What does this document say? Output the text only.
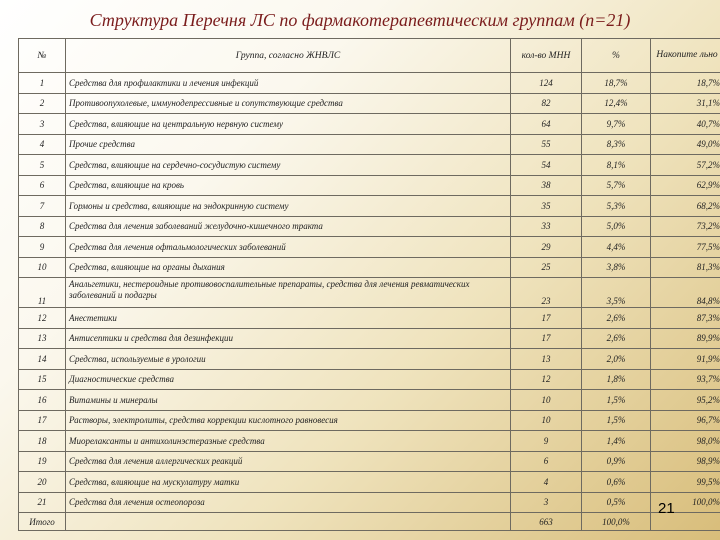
Структура Перечня ЛС по фармакотерапевтическим группам (n=21)
№	Группа, согласно ЖНВЛС	кол-во МНН	%	Накопите льно
1	Средства для профилактики и лечения инфекций	124	18,7%	18,7%
2	Противоопухолевые, иммунодепрессивные и сопутствующие средства	82	12,4%	31,1%
3	Средства, влияющие на центральную нервную систему	64	9,7%	40,7%
4	Прочие средства	55	8,3%	49,0%
5	Средства, влияющие на сердечно-сосудистую систему	54	8,1%	57,2%
6	Средства, влияющие на кровь	38	5,7%	62,9%
7	Гормоны и средства, влияющие на эндокринную систему	35	5,3%	68,2%
8	Средства для лечения заболеваний желудочно-кишечного тракта	33	5,0%	73,2%
9	Средства для лечения офтальмологических заболеваний	29	4,4%	77,5%
10	Средства, влияющие на органы дыхания	25	3,8%	81,3%
11	Анальгетики, нестероидные противовоспалительные препараты, средства для лечения ревматических заболеваний и подагры	23	3,5%	84,8%
12	Анестетики	17	2,6%	87,3%
13	Антисептики и средства для дезинфекции	17	2,6%	89,9%
14	Средства, используемые в урологии	13	2,0%	91,9%
15	Диагностические средства	12	1,8%	93,7%
16	Витамины и минералы	10	1,5%	95,2%
17	Растворы, электролиты, средства коррекции кислотного равновесия	10	1,5%	96,7%
18	Миорелаксанты и антихолинэстеразные средства	9	1,4%	98,0%
19	Средства для лечения аллергических реакций	6	0,9%	98,9%
20	Средства, влияющие на мускулатуру матки	4	0,6%	99,5%
21	Средства для лечения остеопороза	3	0,5%	100,0%
Итого		663	100,0%	
21
